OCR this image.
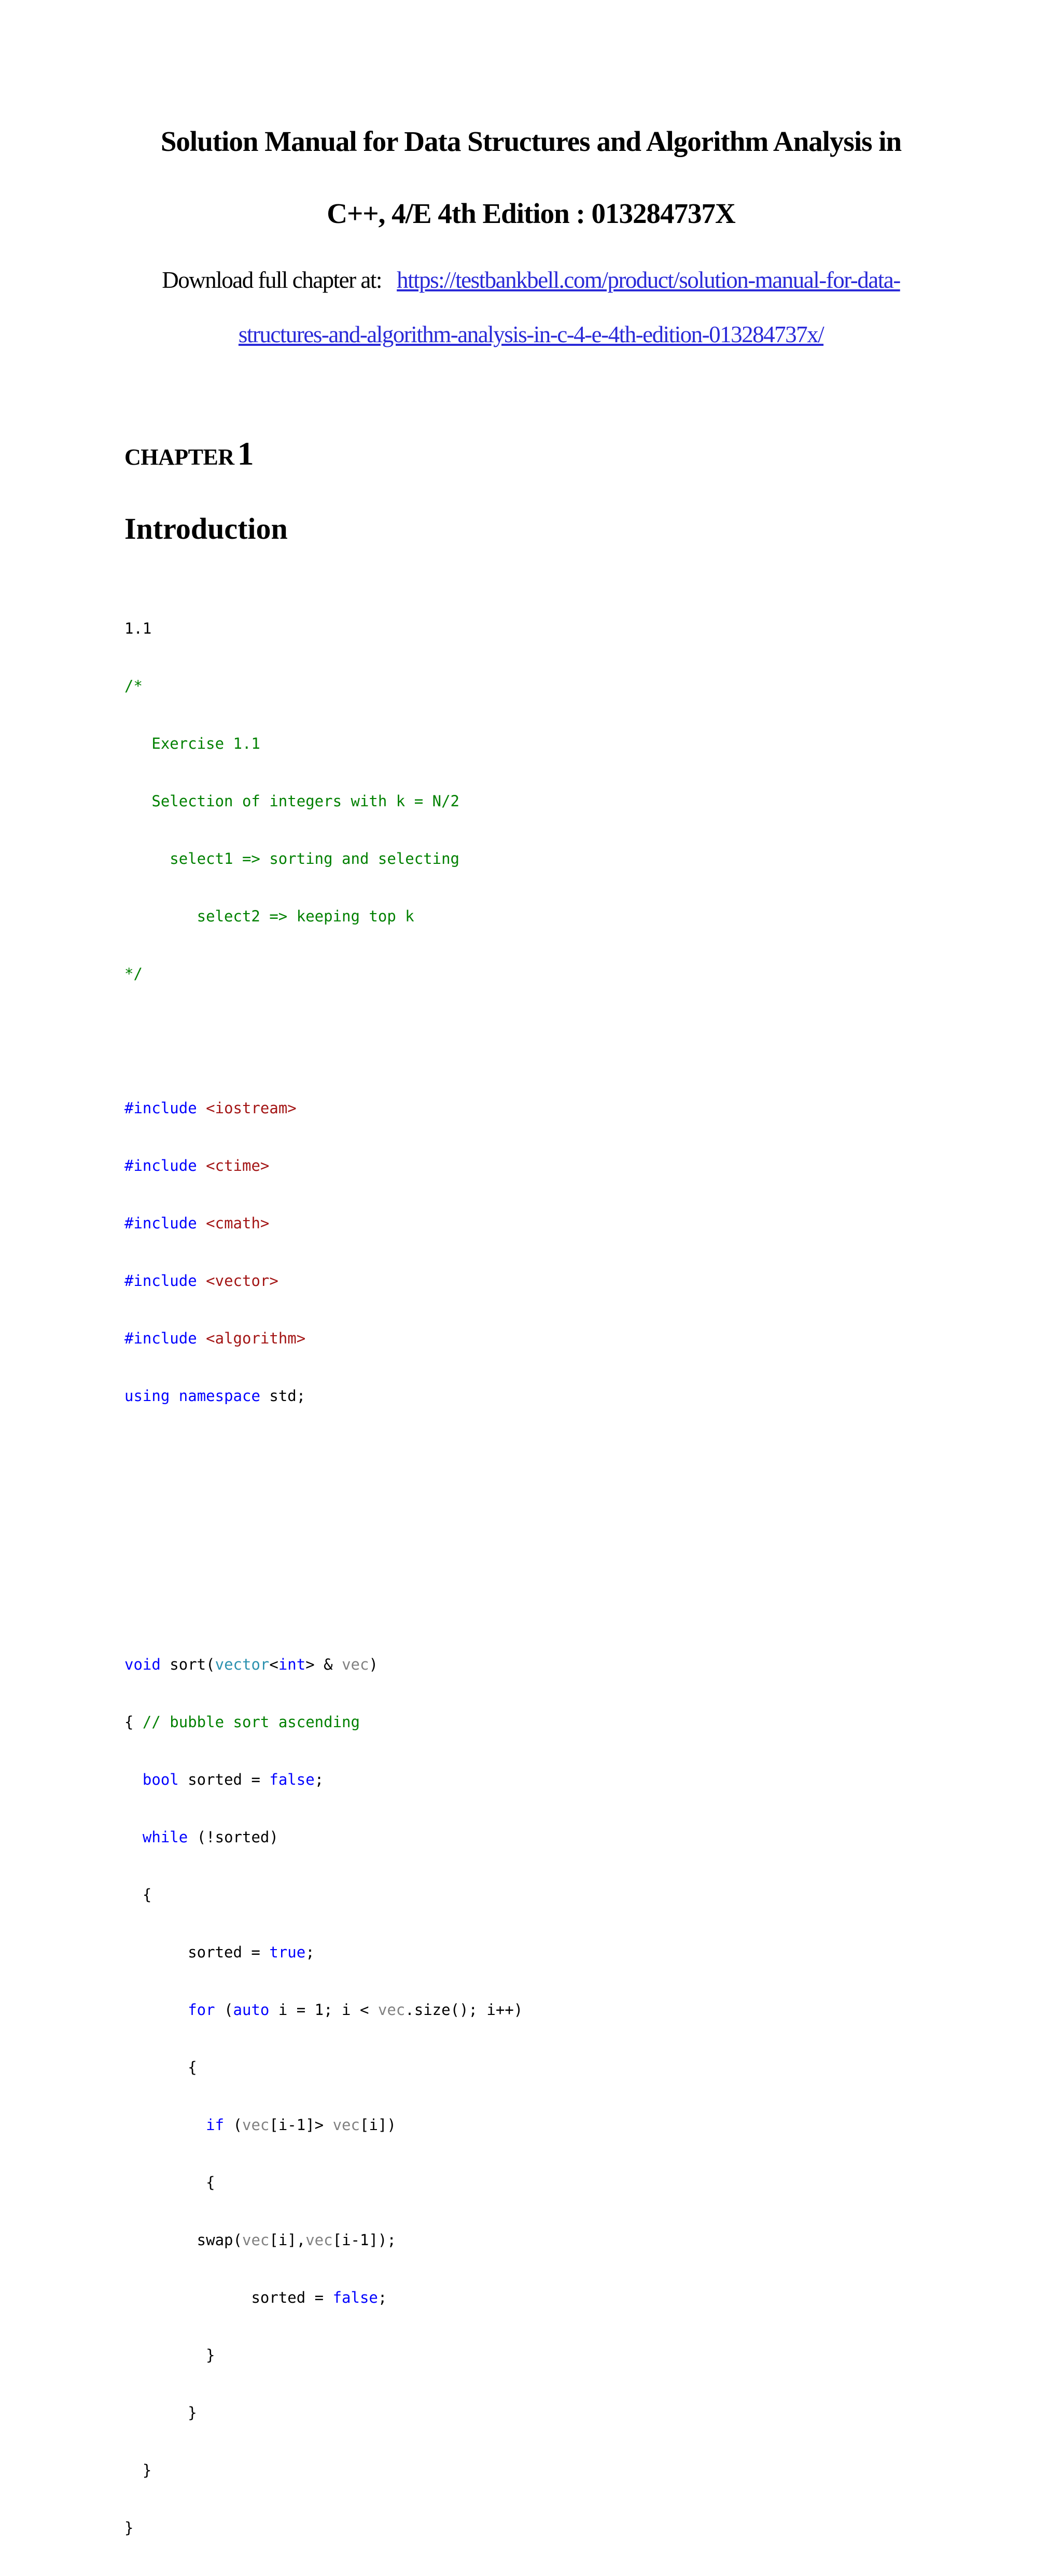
Solution Manual for Data Structures and Algorithm Analysis in
C++, 4/E 4th Edition : 013284737X
Download full chapter at: https://testbankbell.com/product/solution-manual-for-data-
structures-and-algorithm-analysis-in-c-4-e-4th-edition-013284737x/
CHAPTER1
Introduction

1.1

/*

Exercise 1.1

Selection of integers with k = N/2

select1 => sorting and selecting

select2 => keeping top k

*/

#include <iostream>

#include <ctime>

#include <cmath>

#include <vector>

#include <algorithm>

using namespace std;

void sort(vector<int> & vec)

{ // bubble sort ascending

bool sorted = false;

while (!sorted)

{

sorted = true;

for (auto i = 1; i < vec.size(); i++)

{

if (vec[i-1]> vec[i])

{

swap(vec[i],vec[i-1]);

sorted = false;

}

}

}

}
